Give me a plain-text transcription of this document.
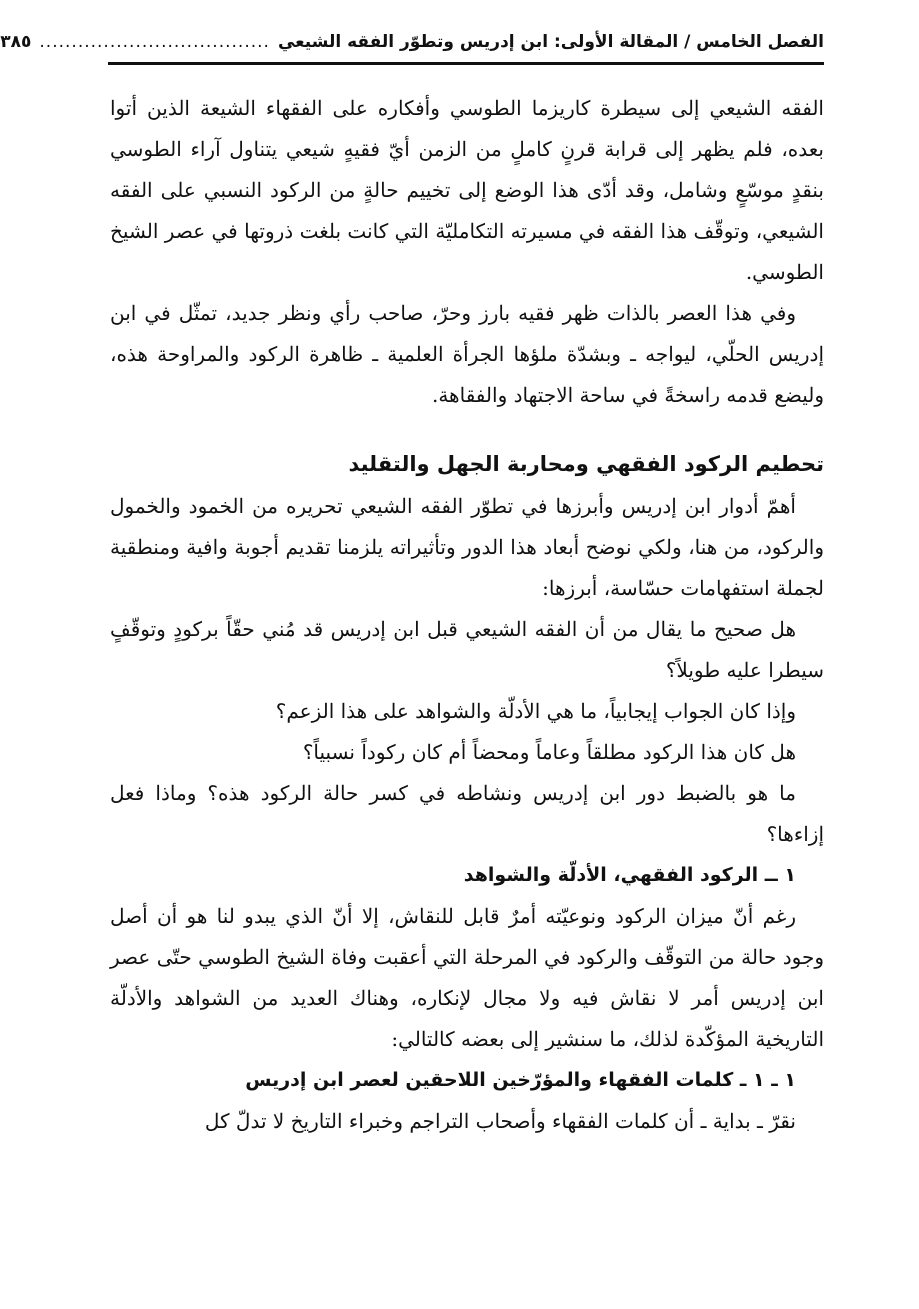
الفصل الخامس / المقالة الأولى: ابن إدريس وتطوّر الفقه الشيعي
....................................
٣٨٥

الفقه الشيعي إلى سيطرة كاريزما الطوسي وأفكاره على الفقهاء الشيعة الذين أتوا بعده، فلم يظهر إلى قرابة قرنٍ كاملٍ من الزمن أيّ فقيهٍ شيعي يتناول آراء الطوسي بنقدٍ موسّعٍ وشامل، وقد أدّى هذا الوضع إلى تخييم حالةٍ من الركود النسبي على الفقه الشيعي، وتوقّف هذا الفقه في مسيرته التكامليّة التي كانت بلغت ذروتها في عصر الشيخ الطوسي.

وفي هذا العصر بالذات ظهر فقيه بارز وحرّ، صاحب رأي ونظر جديد، تمثّل في ابن إدريس الحلّي، ليواجه ـ وبشدّة ملؤها الجرأة العلمية ـ ظاهرة الركود والمراوحة هذه، وليضع قدمه راسخةً في ساحة الاجتهاد والفقاهة.

تحطيم الركود الفقهي ومحاربة الجهل والتقليد

أهمّ أدوار ابن إدريس وأبرزها في تطوّر الفقه الشيعي تحريره من الخمود والخمول والركود، من هنا، ولكي نوضح أبعاد هذا الدور وتأثيراته يلزمنا تقديم أجوبة وافية ومنطقية لجملة استفهامات حسّاسة، أبرزها:

هل صحيح ما يقال من أن الفقه الشيعي قبل ابن إدريس قد مُني حقّاً بركودٍ وتوقّفٍ سيطرا عليه طويلاً؟

وإذا كان الجواب إيجابياً، ما هي الأدلّة والشواهد على هذا الزعم؟

هل كان هذا الركود مطلقاً وعاماً ومحضاً أم كان ركوداً نسبياً؟

ما هو بالضبط دور ابن إدريس ونشاطه في كسر حالة الركود هذه؟ وماذا فعل إزاءها؟

١ ــ الركود الفقهي، الأدلّة والشواهد

رغم أنّ ميزان الركود ونوعيّته أمرٌ قابل للنقاش، إلا أنّ الذي يبدو لنا هو أن أصل وجود حالة من التوقّف والركود في المرحلة التي أعقبت وفاة الشيخ الطوسي حتّى عصر ابن إدريس أمر لا نقاش فيه ولا مجال لإنكاره، وهناك العديد من الشواهد والأدلّة التاريخية المؤكّدة لذلك، ما سنشير إلى بعضه كالتالي:

١ ـ ١ ـ كلمات الفقهاء والمؤرّخين اللاحقين لعصر ابن إدريس

نقرّ ـ بداية ـ أن كلمات الفقهاء وأصحاب التراجم وخبراء التاريخ لا تدلّ كل
